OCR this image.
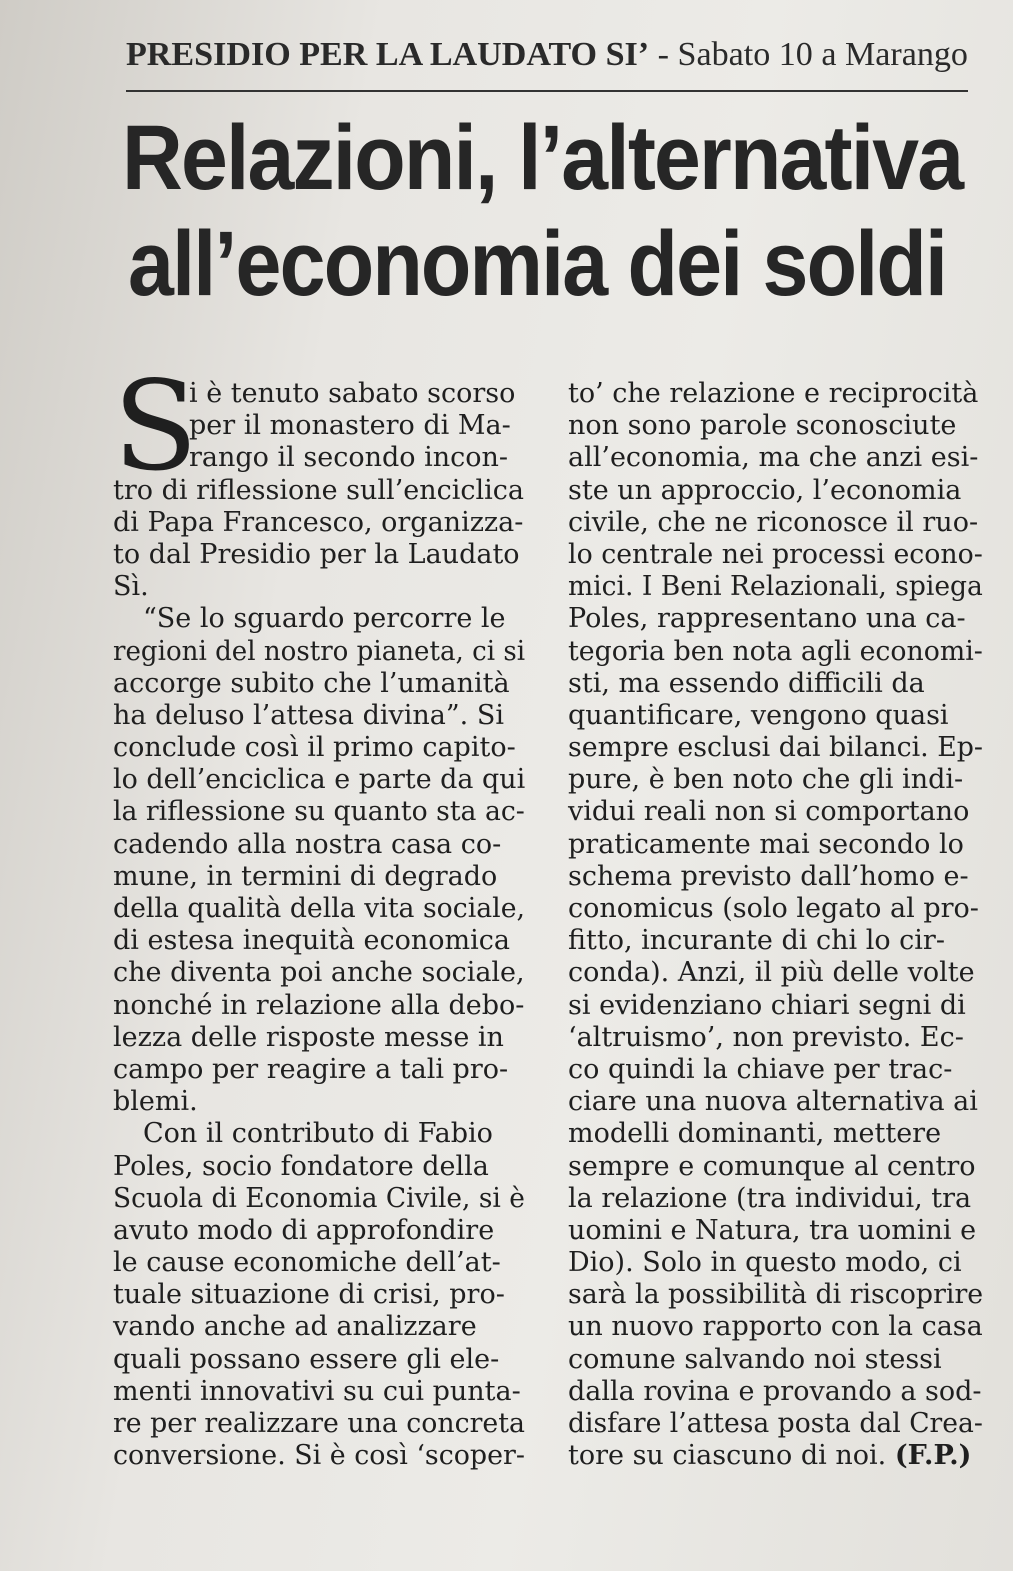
PRESIDIO PER LA LAUDATO SI’ - Sabato 10 a Marango
Relazioni, l’alternativa
all’economia dei soldi
S
i è tenuto sabato scorso
per il monastero di Ma-
rango il secondo incon-
tro di riflessione sull’enciclica
di Papa Francesco, organizza-
to dal Presidio per la Laudato
Sì.
“Se lo sguardo percorre le
regioni del nostro pianeta, ci si
accorge subito che l’umanità
ha deluso l’attesa divina”. Si
conclude così il primo capito-
lo dell’enciclica e parte da qui
la riflessione su quanto sta ac-
cadendo alla nostra casa co-
mune, in termini di degrado
della qualità della vita sociale,
di estesa inequità economica
che diventa poi anche sociale,
nonché in relazione alla debo-
lezza delle risposte messe in
campo per reagire a tali pro-
blemi.
Con il contributo di Fabio
Poles, socio fondatore della
Scuola di Economia Civile, si è
avuto modo di approfondire
le cause economiche dell’at-
tuale situazione di crisi, pro-
vando anche ad analizzare
quali possano essere gli ele-
menti innovativi su cui punta-
re per realizzare una concreta
conversione. Si è così ‘scoper-
to’ che relazione e reciprocità
non sono parole sconosciute
all’economia, ma che anzi esi-
ste un approccio, l’economia
civile, che ne riconosce il ruo-
lo centrale nei processi econo-
mici. I Beni Relazionali, spiega
Poles, rappresentano una ca-
tegoria ben nota agli economi-
sti, ma essendo difficili da
quantificare, vengono quasi
sempre esclusi dai bilanci. Ep-
pure, è ben noto che gli indi-
vidui reali non si comportano
praticamente mai secondo lo
schema previsto dall’homo e-
conomicus (solo legato al pro-
fitto, incurante di chi lo cir-
conda). Anzi, il più delle volte
si evidenziano chiari segni di
‘altruismo’, non previsto. Ec-
co quindi la chiave per trac-
ciare una nuova alternativa ai
modelli dominanti, mettere
sempre e comunque al centro
la relazione (tra individui, tra
uomini e Natura, tra uomini e
Dio). Solo in questo modo, ci
sarà la possibilità di riscoprire
un nuovo rapporto con la casa
comune salvando noi stessi
dalla rovina e provando a sod-
disfare l’attesa posta dal Crea-
tore su ciascuno di noi. (F.P.)
